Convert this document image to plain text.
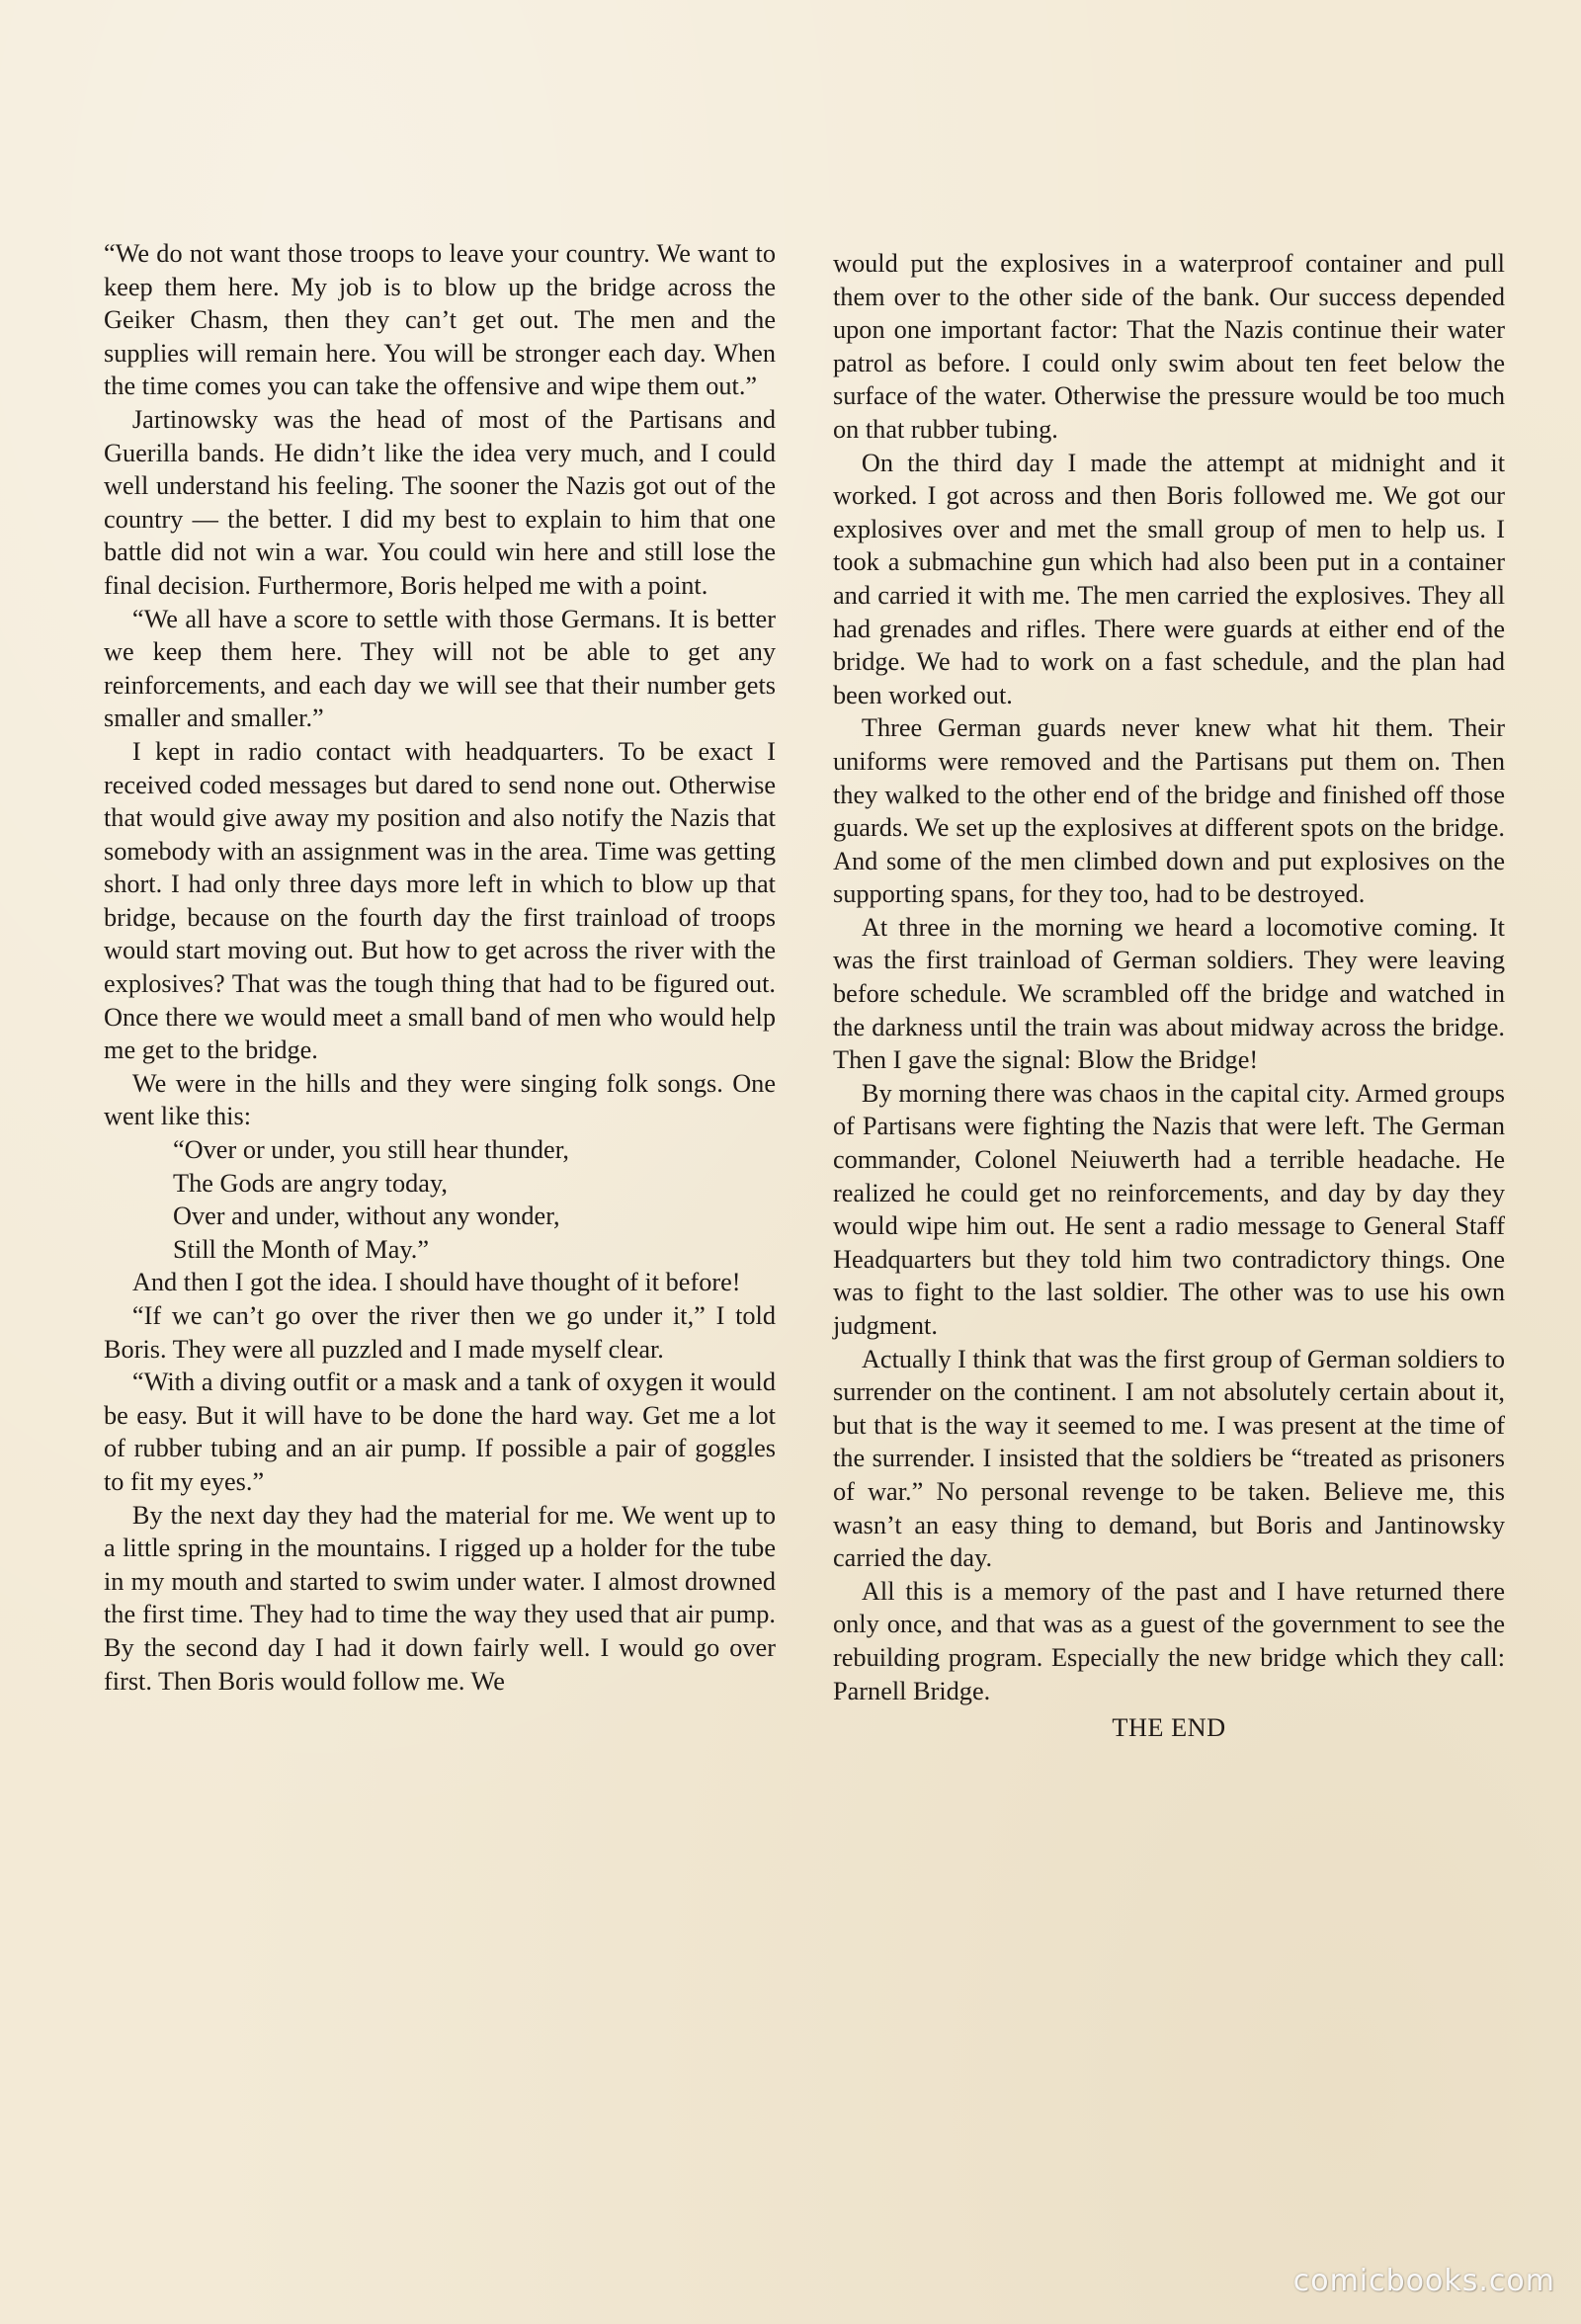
“We do not want those troops to leave your country. We want to keep them here. My job is to blow up the bridge across the Geiker Chasm, then they can’t get out. The men and the supplies will remain here. You will be stronger each day. When the time comes you can take the offensive and wipe them out.”

Jartinowsky was the head of most of the Partisans and Guerilla bands. He didn’t like the idea very much, and I could well understand his feeling. The sooner the Nazis got out of the country — the better. I did my best to explain to him that one battle did not win a war. You could win here and still lose the final decision. Furthermore, Boris helped me with a point.

“We all have a score to settle with those Germans. It is better we keep them here. They will not be able to get any reinforcements, and each day we will see that their number gets smaller and smaller.”

I kept in radio contact with headquarters. To be exact I received coded messages but dared to send none out. Otherwise that would give away my position and also notify the Nazis that somebody with an assignment was in the area. Time was getting short. I had only three days more left in which to blow up that bridge, because on the fourth day the first trainload of troops would start moving out. But how to get across the river with the explosives? That was the tough thing that had to be figured out. Once there we would meet a small band of men who would help me get to the bridge.

We were in the hills and they were singing folk songs. One went like this:

“Over or under, you still hear thunder,
The Gods are angry today,
Over and under, without any wonder,
Still the Month of May.”

And then I got the idea. I should have thought of it before!

“If we can’t go over the river then we go under it,” I told Boris. They were all puzzled and I made myself clear.

“With a diving outfit or a mask and a tank of oxygen it would be easy. But it will have to be done the hard way. Get me a lot of rubber tubing and an air pump. If possible a pair of goggles to fit my eyes.”

By the next day they had the material for me. We went up to a little spring in the mountains. I rigged up a holder for the tube in my mouth and started to swim under water. I almost drowned the first time. They had to time the way they used that air pump. By the second day I had it down fairly well. I would go over first. Then Boris would follow me. We

would put the explosives in a waterproof container and pull them over to the other side of the bank. Our success depended upon one important factor: That the Nazis continue their water patrol as before. I could only swim about ten feet below the surface of the water. Otherwise the pressure would be too much on that rubber tubing.

On the third day I made the attempt at midnight and it worked. I got across and then Boris followed me. We got our explosives over and met the small group of men to help us. I took a submachine gun which had also been put in a container and carried it with me. The men carried the explosives. They all had grenades and rifles. There were guards at either end of the bridge. We had to work on a fast schedule, and the plan had been worked out.

Three German guards never knew what hit them. Their uniforms were removed and the Partisans put them on. Then they walked to the other end of the bridge and finished off those guards. We set up the explosives at different spots on the bridge. And some of the men climbed down and put explosives on the supporting spans, for they too, had to be destroyed.

At three in the morning we heard a locomotive coming. It was the first trainload of German soldiers. They were leaving before schedule. We scrambled off the bridge and watched in the darkness until the train was about midway across the bridge. Then I gave the signal: Blow the Bridge!

By morning there was chaos in the capital city. Armed groups of Partisans were fighting the Nazis that were left. The German commander, Colonel Neiuwerth had a terrible headache. He realized he could get no reinforcements, and day by day they would wipe him out. He sent a radio message to General Staff Headquarters but they told him two contradictory things. One was to fight to the last soldier. The other was to use his own judgment.

Actually I think that was the first group of German soldiers to surrender on the continent. I am not absolutely certain about it, but that is the way it seemed to me. I was present at the time of the surrender. I insisted that the soldiers be “treated as prisoners of war.” No personal revenge to be taken. Believe me, this wasn’t an easy thing to demand, but Boris and Jantinowsky carried the day.

All this is a memory of the past and I have returned there only once, and that was as a guest of the government to see the rebuilding program. Especially the new bridge which they call: Parnell Bridge.

THE END
comicbooks.com
